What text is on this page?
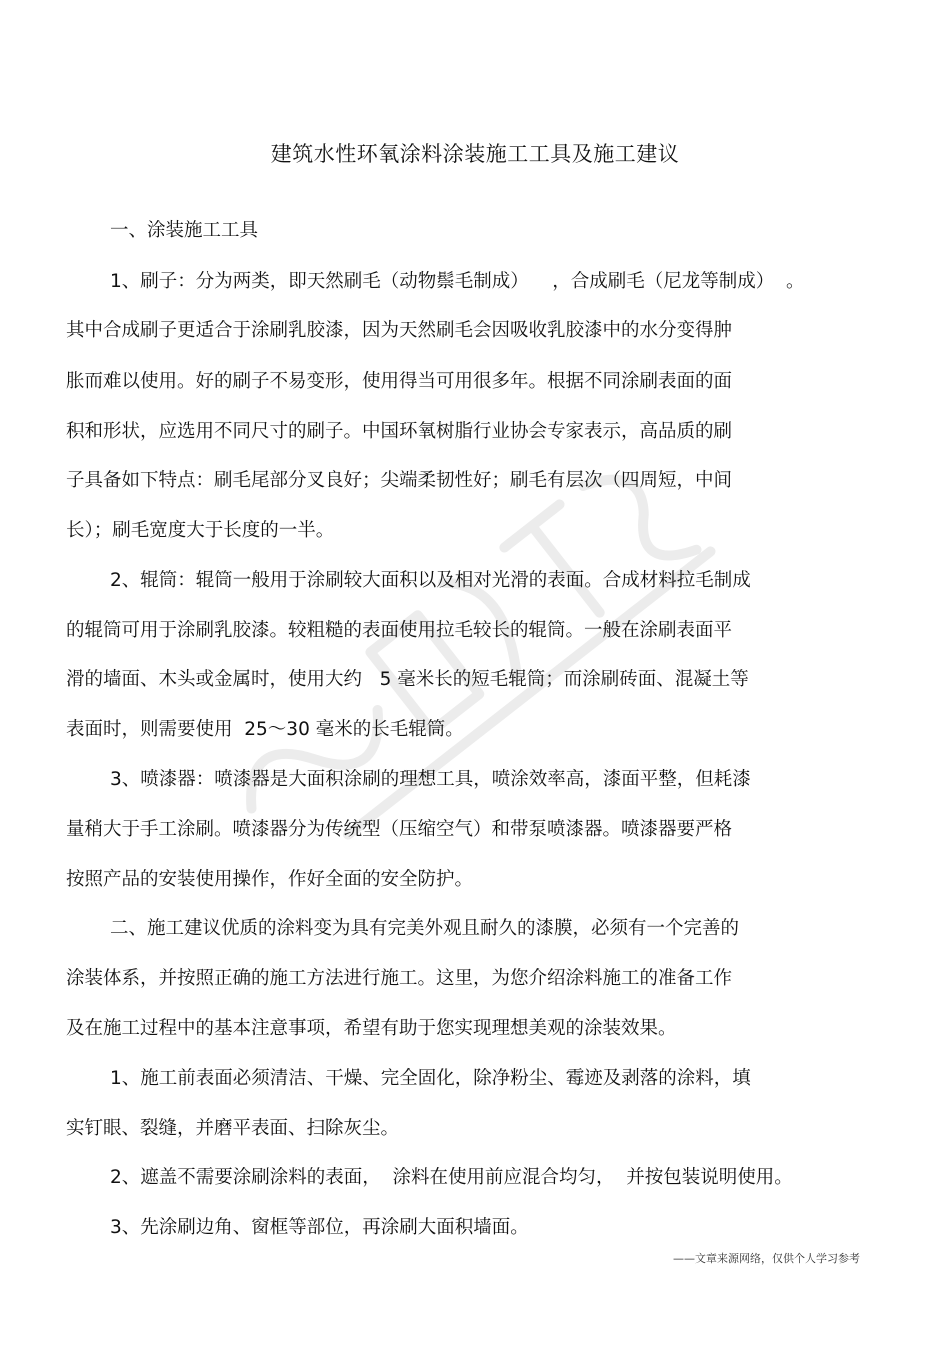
建筑水性环氧涂料涂装施工工具及施工建议
一、涂装施工工具
1、刷子：分为两类，即天然刷毛（动物鬃毛制成）    ，合成刷毛（尼龙等制成）  。
其中合成刷子更适合于涂刷乳胶漆，因为天然刷毛会因吸收乳胶漆中的水分变得肿
胀而难以使用。好的刷子不易变形，使用得当可用很多年。根据不同涂刷表面的面
积和形状，应选用不同尺寸的刷子。中国环氧树脂行业协会专家表示，高品质的刷
子具备如下特点：刷毛尾部分叉良好；尖端柔韧性好；刷毛有层次（四周短，中间
长）；刷毛宽度大于长度的一半。
2、辊筒：辊筒一般用于涂刷较大面积以及相对光滑的表面。合成材料拉毛制成
的辊筒可用于涂刷乳胶漆。较粗糙的表面使用拉毛较长的辊筒。一般在涂刷表面平
滑的墙面、木头或金属时，使用大约   5 毫米长的短毛辊筒；而涂刷砖面、混凝土等
表面时，则需要使用  25～30 毫米的长毛辊筒。
3、喷漆器：喷漆器是大面积涂刷的理想工具，喷涂效率高，漆面平整，但耗漆
量稍大于手工涂刷。喷漆器分为传统型（压缩空气）和带泵喷漆器。喷漆器要严格
按照产品的安装使用操作，作好全面的安全防护。
二、施工建议优质的涂料变为具有完美外观且耐久的漆膜，必须有一个完善的
涂装体系，并按照正确的施工方法进行施工。这里，为您介绍涂料施工的准备工作
及在施工过程中的基本注意事项，希望有助于您实现理想美观的涂装效果。
1、施工前表面必须清洁、干燥、完全固化，除净粉尘、霉迹及剥落的涂料，填
实钉眼、裂缝，并磨平表面、扫除灰尘。
2、遮盖不需要涂刷涂料的表面，  涂料在使用前应混合均匀，  并按包装说明使用。
3、先涂刷边角、窗框等部位，再涂刷大面积墙面。
——文章来源网络，仅供个人学习参考
